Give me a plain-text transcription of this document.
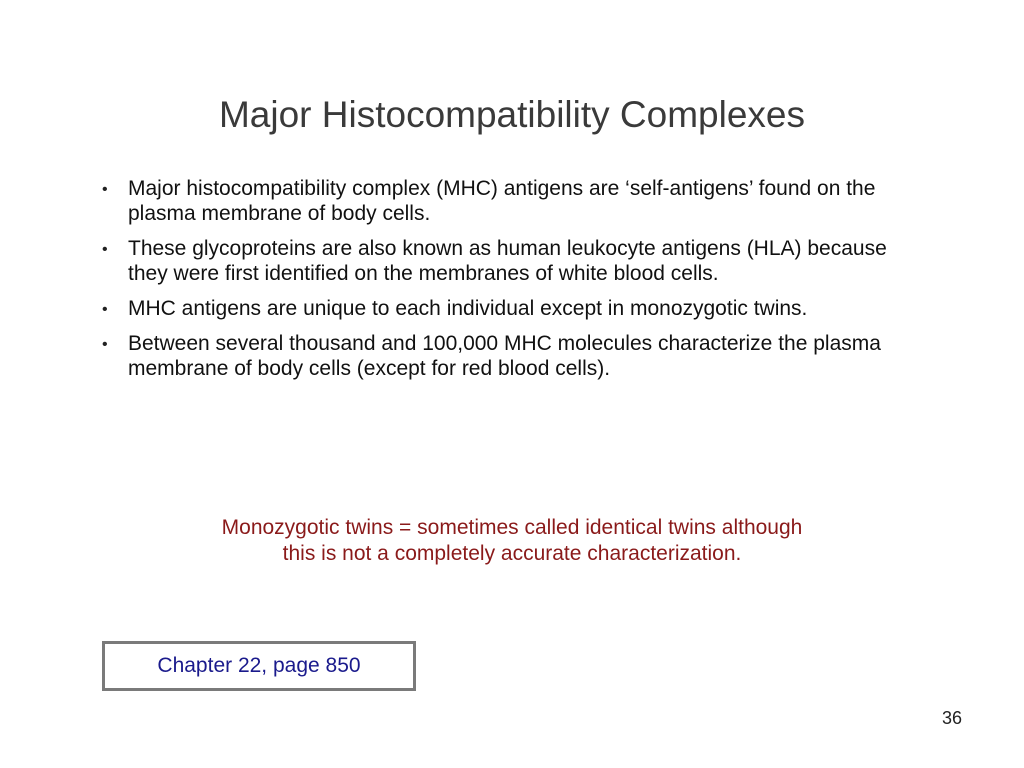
Major Histocompatibility Complexes
• Major histocompatibility complex (MHC) antigens are ‘self-antigens’ found on the plasma membrane of body cells.
• These glycoproteins are also known as human leukocyte antigens (HLA) because they were first identified on the membranes of white blood cells.
• MHC antigens are unique to each individual except in monozygotic twins.
• Between several thousand and 100,000 MHC molecules characterize the plasma membrane of body cells (except for red blood cells).
Monozygotic twins = sometimes called identical twins although
this is not a completely accurate characterization.
Chapter 22, page 850
36
